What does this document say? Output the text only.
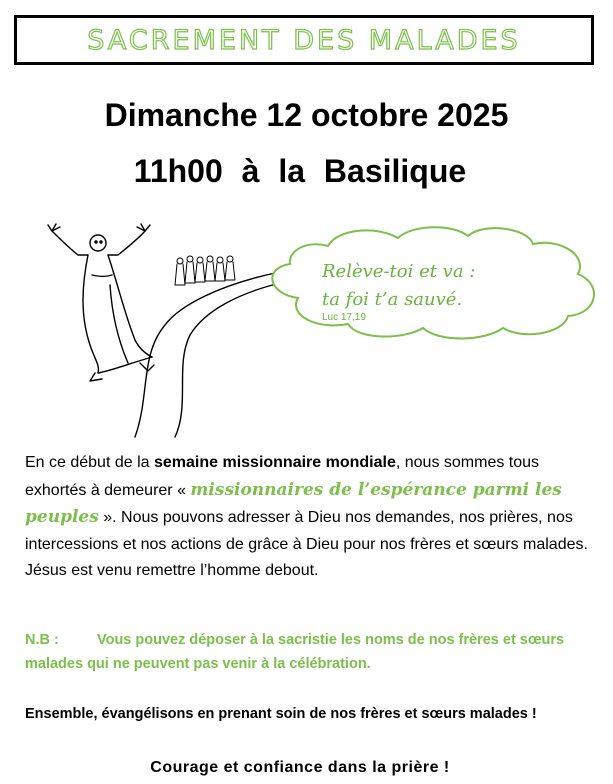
SACREMENT DES MALADES
Dimanche 12 octobre 2025
11h00 à la Basilique
Relève-toi et va :
ta foi t’a sauvé.
Luc 17,19
En ce début de la semaine missionnaire mondiale, nous sommes tous exhortés à demeurer « missionnaires de l’espérance parmi les peuples ». Nous pouvons adresser à Dieu nos demandes, nos prières, nos intercessions et nos actions de grâce à Dieu pour nos frères et sœurs malades. Jésus est venu remettre l’homme debout.
N.B :	Vous pouvez déposer à la sacristie les noms de nos frères et sœurs malades qui ne peuvent pas venir à la célébration.
Ensemble, évangélisons en prenant soin de nos frères et sœurs malades !
Courage et confiance dans la prière !
